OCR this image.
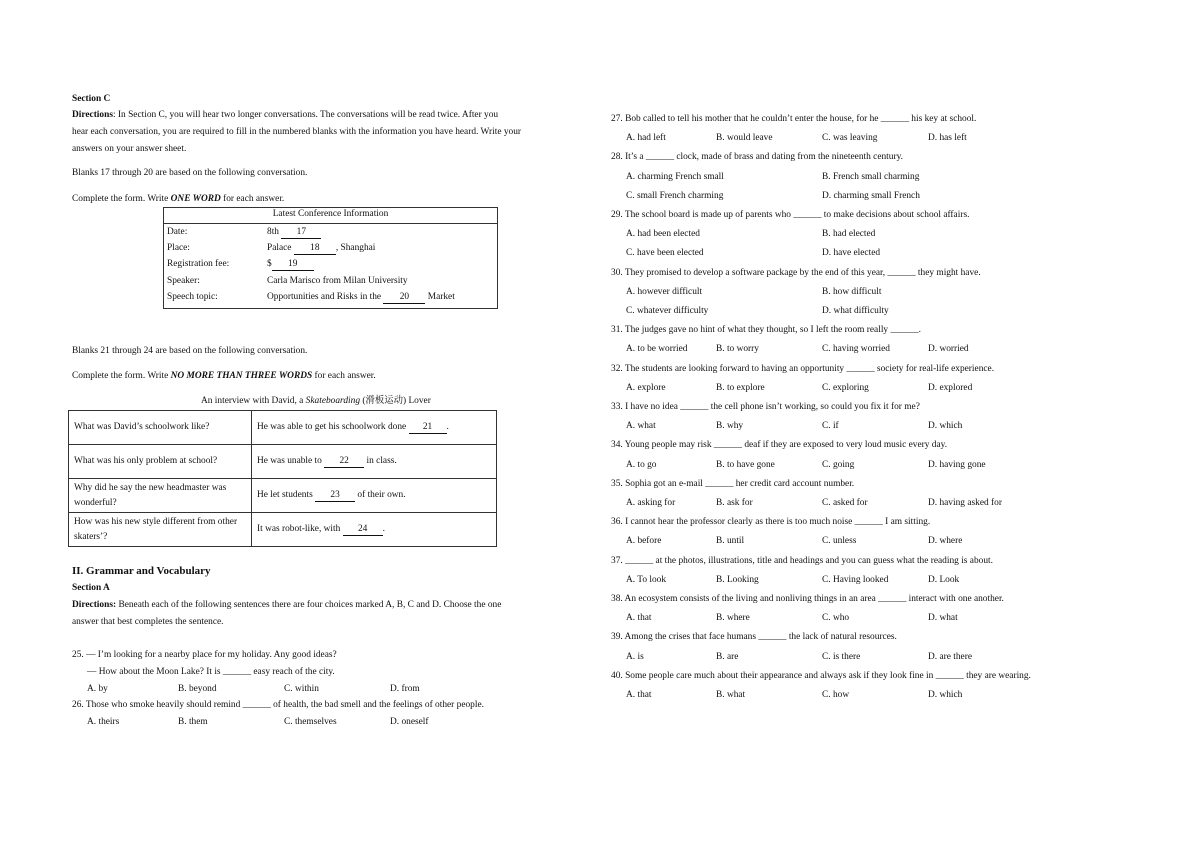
Section C
Directions: In Section C, you will hear two longer conversations. The conversations will be read twice. After you
hear each conversation, you are required to fill in the numbered blanks with the information you have heard. Write your
answers on your answer sheet.
Blanks 17 through 20 are based on the following conversation.
Complete the form. Write ONE WORD for each answer.
Latest Conference Information	
Date:	8th 17
Place:	Palace 18 , Shanghai
Registration fee:	$ 19
Speaker:	Carla Marisco from Milan University
Speech topic:	Opportunities and Risks in the 20 Market
Blanks 21 through 24 are based on the following conversation.
Complete the form. Write NO MORE THAN THREE WORDS for each answer.
An interview with David, a Skateboarding (滑板运动) Lover
What was David’s schoolwork like?	He was able to get his schoolwork done 21 .
What was his only problem at school?	He was unable to 22 in class.
Why did he say the new headmaster was wonderful?	He let students 23 of their own.
How was his new style different from other skaters’?	It was robot-like, with 24 .
II. Grammar and Vocabulary
Section A
Directions: Beneath each of the following sentences there are four choices marked A, B, C and D. Choose the one
answer that best completes the sentence.
25. — I’m looking for a nearby place for my holiday. Any good ideas?
— How about the Moon Lake? It is ______ easy reach of the city.
A. by	B. beyond	C. within	D. from
26. Those who smoke heavily should remind ______ of health, the bad smell and the feelings of other people.
A. theirs	B. them	C. themselves	D. oneself
27. Bob called to tell his mother that he couldn’t enter the house, for he ______ his key at school.
A. had left	B. would leave	C. was leaving	D. has left
28. It’s a ______ clock, made of brass and dating from the nineteenth century.
A. charming French small	B. French small charming
C. small French charming	D. charming small French
29. The school board is made up of parents who ______ to make decisions about school affairs.
A. had been elected	B. had elected
C. have been elected	D. have elected
30. They promised to develop a software package by the end of this year, ______ they might have.
A. however difficult	B. how difficult
C. whatever difficulty	D. what difficulty
31. The judges gave no hint of what they thought, so I left the room really ______.
A. to be worried	B. to worry	C. having worried	D. worried
32. The students are looking forward to having an opportunity ______ society for real-life experience.
A. explore	B. to explore	C. exploring	D. explored
33. I have no idea ______ the cell phone isn’t working, so could you fix it for me?
A. what	B. why	C. if	D. which
34. Young people may risk ______ deaf if they are exposed to very loud music every day.
A. to go	B. to have gone	C. going	D. having gone
35. Sophia got an e-mail ______ her credit card account number.
A. asking for	B. ask for	C. asked for	D. having asked for
36. I cannot hear the professor clearly as there is too much noise ______ I am sitting.
A. before	B. until	C. unless	D. where
37. ______ at the photos, illustrations, title and headings and you can guess what the reading is about.
A. To look	B. Looking	C. Having looked	D. Look
38. An ecosystem consists of the living and nonliving things in an area ______ interact with one another.
A. that	B. where	C. who	D. what
39. Among the crises that face humans ______ the lack of natural resources.
A. is	B. are	C. is there	D. are there
40. Some people care much about their appearance and always ask if they look fine in ______ they are wearing.
A. that	B. what	C. how	D. which
